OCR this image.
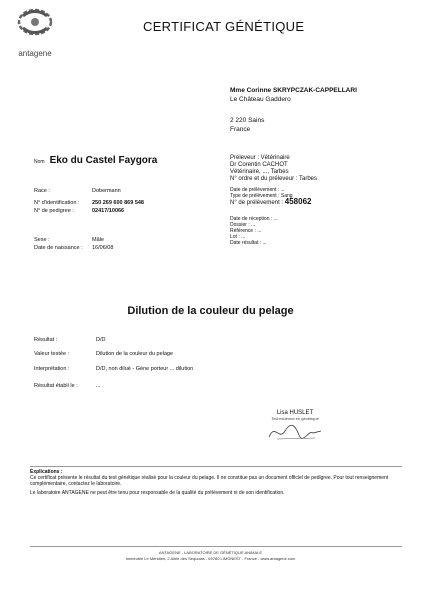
antagene
CERTIFICAT GÉNÉTIQUE
Mme Corinne SKRYPCZAK-CAPPELLARI
Le Château Gaddero
2 220 Sains
France
Nom Eko du Castel Faygora
Race :	Dobermann
N° d'identification : 250 269 600 869 548
N° de pedigree :	02417/10066
Sexe :	Mâle
Date de naissance : 16/06/08
Préleveur : Vétérinaire
Dr Corentin CACHOT
Vétérinaire, ..., Tarbes
N° ordre et du préleveur : Tarbes
Date de prélèvement : ...
Type de prélèvement : Sang
N° de prélèvement : 458062
Date de réception : ...
Dossier : ...
Référence : ...
Lot : ...
Date résultat : ...
Dilution de la couleur du pelage
Résultat :	D/D
Valeur testée :	Dilution de la couleur du pelage
Interprétation :	D/D, non dilué - Gène porteur ... dilution
Résultat établi le :	...
Lisa HUSLET
Technicienne en génétique
Explications :
Ce certificat présente le résultat du test génétique réalisé pour la couleur du pelage. Il ne constitue pas un document officiel de pedigree. Pour tout renseignement complémentaire, contactez le laboratoire.
Le laboratoire ANTAGENE ne peut être tenu pour responsable de la qualité du prélèvement ni de son identification.
ANTAGENE - LABORATOIRE DE GÉNÉTIQUE ANIMALE
Immeuble Le Méridien, 2 Allée des Séquoias - 69760 LIMONEST - France - www.antagene.com
